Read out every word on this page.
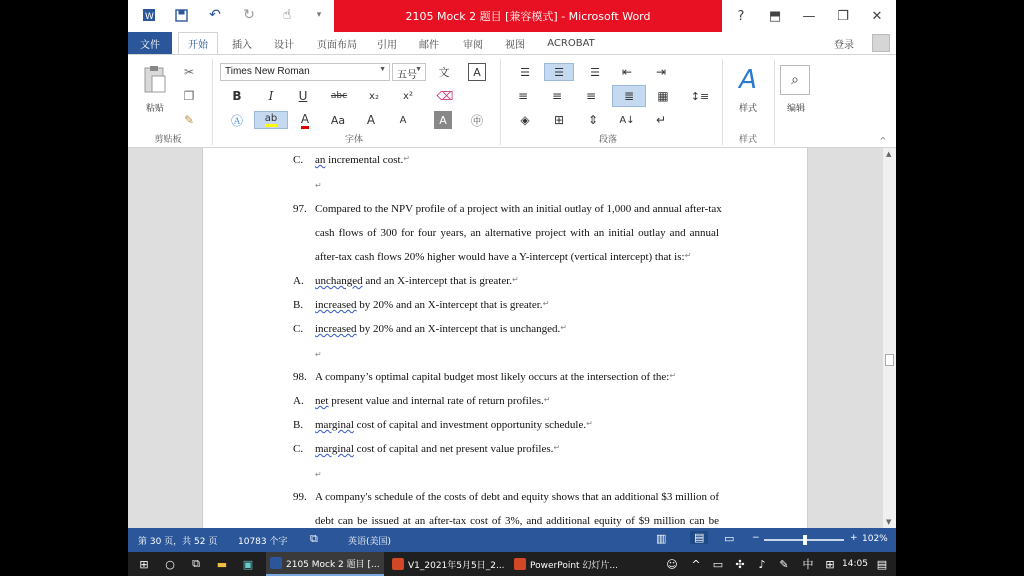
W	↶	↻	☝	▾	2105 Mock 2 题目 [兼容模式] - Microsoft Word	?	⬒	—	❐	✕
文件	开始	插入	设计	页面布局	引用	邮件	审阅	视图	ACROBAT	登录
粘贴
✂
❐
✎
剪贴板
Times New Roman	▼
五号
▼	文	A
B	I	U	abc	x₂	x²	⌫
Ⓐ	ab A	Aa	A	A	A	㊥
字体
☰	☰	☰	⇤	⇥
≡	≡	≡	≣	▦	↕≡
◈	⊞	⇕	A↓	↵
段落
A
样式
样式
⌕
编辑
^
C. an incremental cost. ↵
↵
97. Compared to the NPV profile of a project with an initial outlay of 1,000 and annual after-tax
cash flows of 300 for four years, an alternative project with an initial outlay and annual
after-tax cash flows 20% higher would have a Y-intercept (vertical intercept) that is: ↵
A. unchanged and an X-intercept that is greater. ↵
B. increased by 20% and an X-intercept that is greater. ↵
C. increased by 20% and an X-intercept that is unchanged. ↵
↵
98. A company’s optimal capital budget most likely occurs at the intersection of the: ↵
A. net present value and internal rate of return profiles. ↵
B. marginal cost of capital and investment opportunity schedule. ↵
C. marginal cost of capital and net present value profiles. ↵
↵
99. A company's schedule of the costs of debt and equity shows that an additional $3 million of
debt can be issued at an after-tax cost of 3%, and additional equity of $9 million can be
▲
▼
第 30 页，共 52 页 10783 个字 ⧉	英语(美国)	▥	▤	▭ −	+ 102%
⊞	○	⧉	▬	▣	2105 Mock 2 题目 [...	V1_2021年5月5日_2...	PowerPoint 幻灯片...	☺	^	▭	✣	♪	✎	中	⊞ 14:05 ▤
